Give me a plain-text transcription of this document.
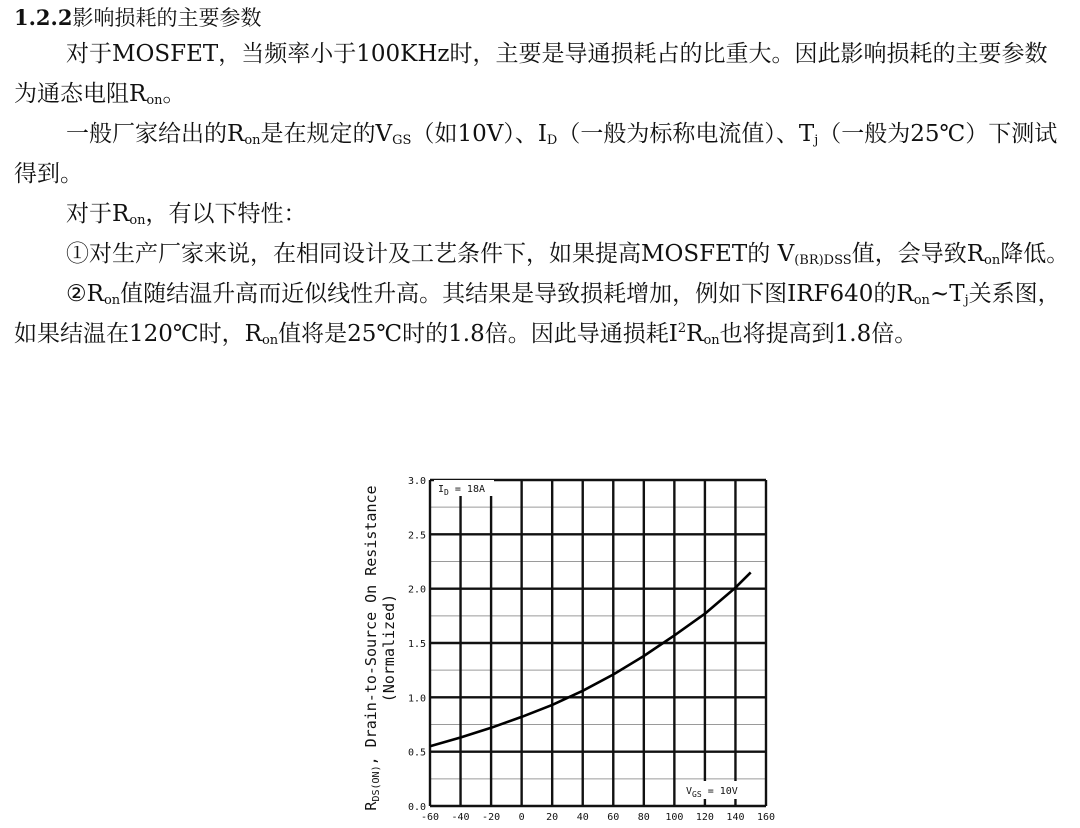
1.2.2影响损耗的主要参数

对于MOSFET，当频率小于100KHz时，主要是导通损耗占的比重大。因此影响损耗的主要参数为通态电阻$R_{on}$。

一般厂家给出的$R_{on}$是在规定的$V_{GS}$（如10V）、$I_D$（一般为标称电流值）、$T_j$（一般为25℃）下测试得到。

对于$R_{on}$，有以下特性：

①对生产厂家来说，在相同设计及工艺条件下，如果提高MOSFET的 $V_{(BR)DSS}$值，会导致$R_{on}$降低。

$②R_{on}$值随结温升高而近似线性升高。其结果是导致损耗增加，例如下图IRF640的$R_{on}\sim T_j$关系图，如果结温在120℃时，$R_{on}$值将是25℃时的1.8倍。因此导通损耗$I^2R_{on}$也将提高到1.8倍。

-60 -40 -20 0 20 40 60 80 100 120 140 160
0.0
0.5
1.0
1.5
2.0
2.5
3.0
$R_{DS(ON)}$, Drain-to-Source On Resistance (Normalized)
$I_D = 18A$
$V_{GS} = 10V$
